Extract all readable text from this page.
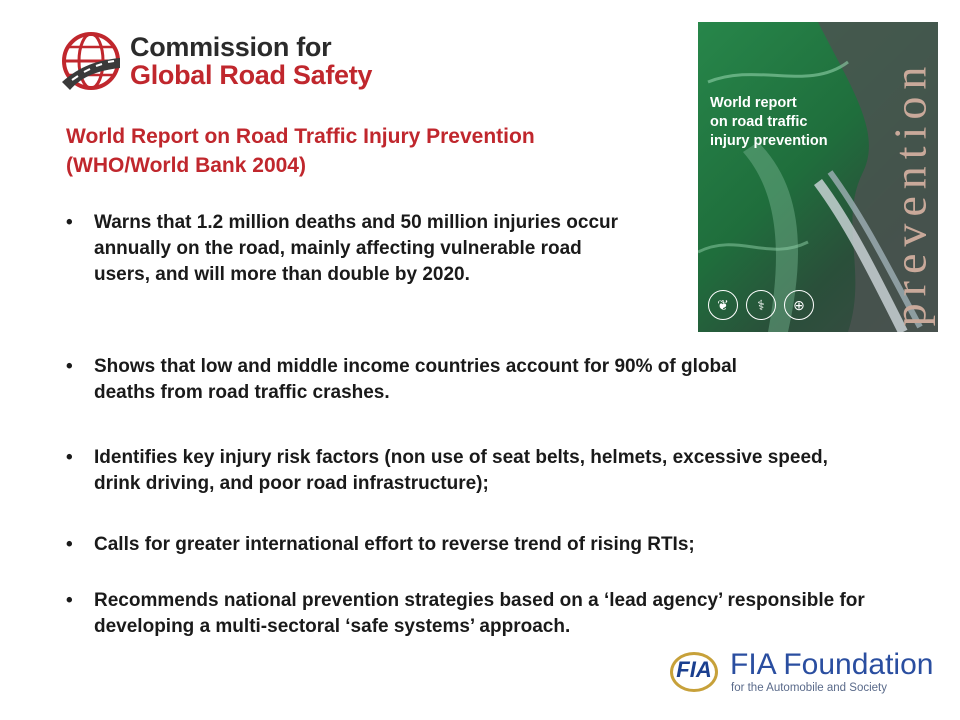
Commission for
Global Road Safety
World Report on Road Traffic Injury Prevention
(WHO/World Bank 2004)
•	Warns that 1.2 million deaths and 50 million injuries occur annually on the road, mainly affecting vulnerable road users, and will more than double by 2020.
•	Shows that low and middle income countries account for 90% of global deaths from road traffic crashes.
•	Identifies key injury risk factors (non use of seat belts, helmets, excessive speed, drink driving, and poor road infrastructure);
•	Calls for greater international effort to reverse trend of rising RTIs;
•	Recommends national prevention strategies based on a ‘lead agency’ responsible for developing a multi-sectoral ‘safe systems’ approach.
World report
on road traffic
injury prevention	prevention
❦	⚕	⊕
FIA FIA Foundation
for the Automobile and Society
